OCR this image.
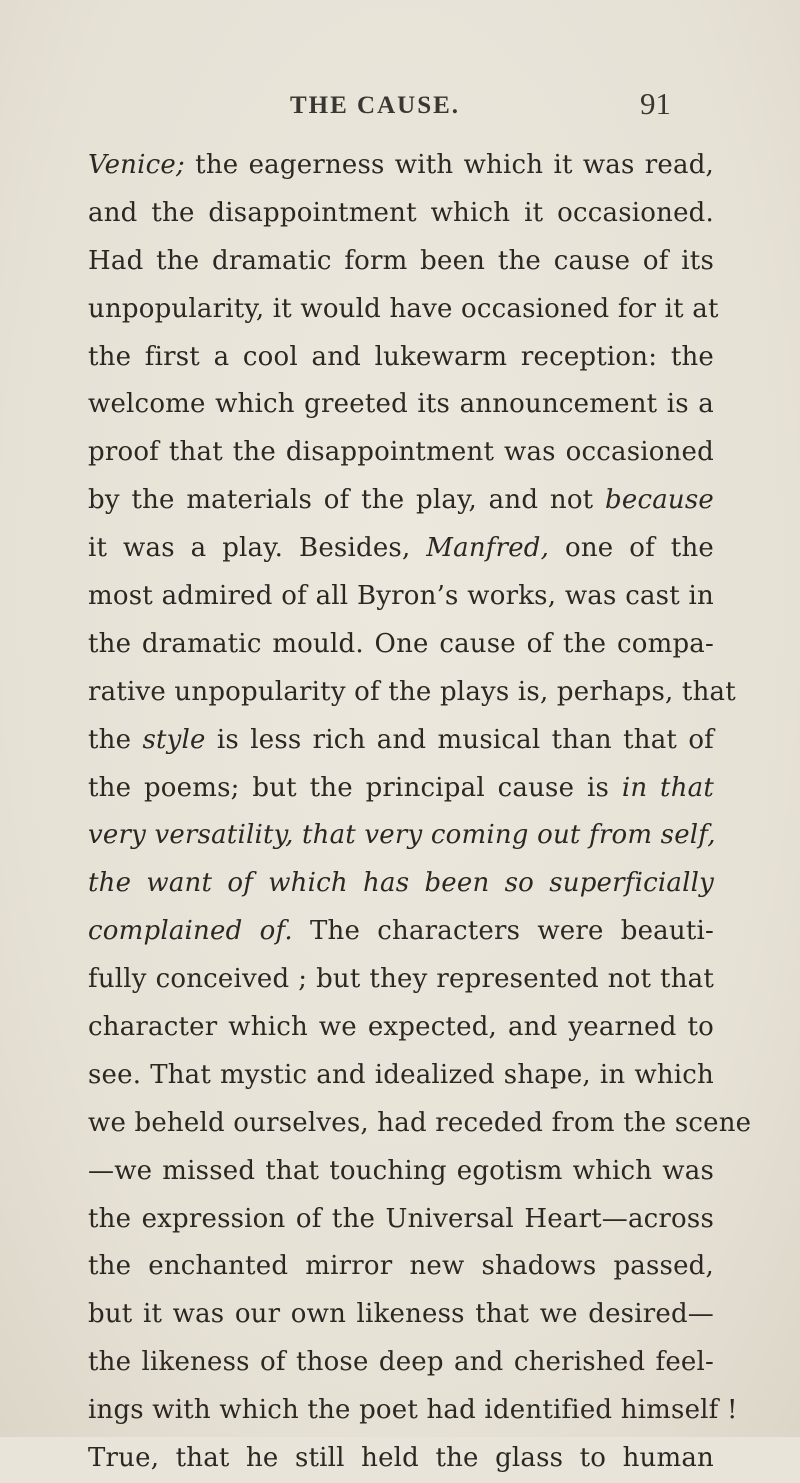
THE CAUSE.	91
Venice; the eagerness with which it was read,
and the disappointment which it occasioned.
Had the dramatic form been the cause of its
unpopularity, it would have occasioned for it at
the first a cool and lukewarm reception: the
welcome which greeted its announcement is a
proof that the disappointment was occasioned
by the materials of the play, and not because
it was a play. Besides, Manfred, one of the
most admired of all Byron’s works, was cast in
the dramatic mould. One cause of the compa-
rative unpopularity of the plays is, perhaps, that
the style is less rich and musical than that of
the poems; but the principal cause is in that
very versatility, that very coming out from self,
the want of which has been so superficially
complained of. The characters were beauti-
fully conceived ; but they represented not that
character which we expected, and yearned to
see. That mystic and idealized shape, in which
we beheld ourselves, had receded from the scene
—we missed that touching egotism which was
the expression of the Universal Heart—across
the enchanted mirror new shadows passed,
but it was our own likeness that we desired—
the likeness of those deep and cherished feel-
ings with which the poet had identified himself !
True, that he still held the glass to human
